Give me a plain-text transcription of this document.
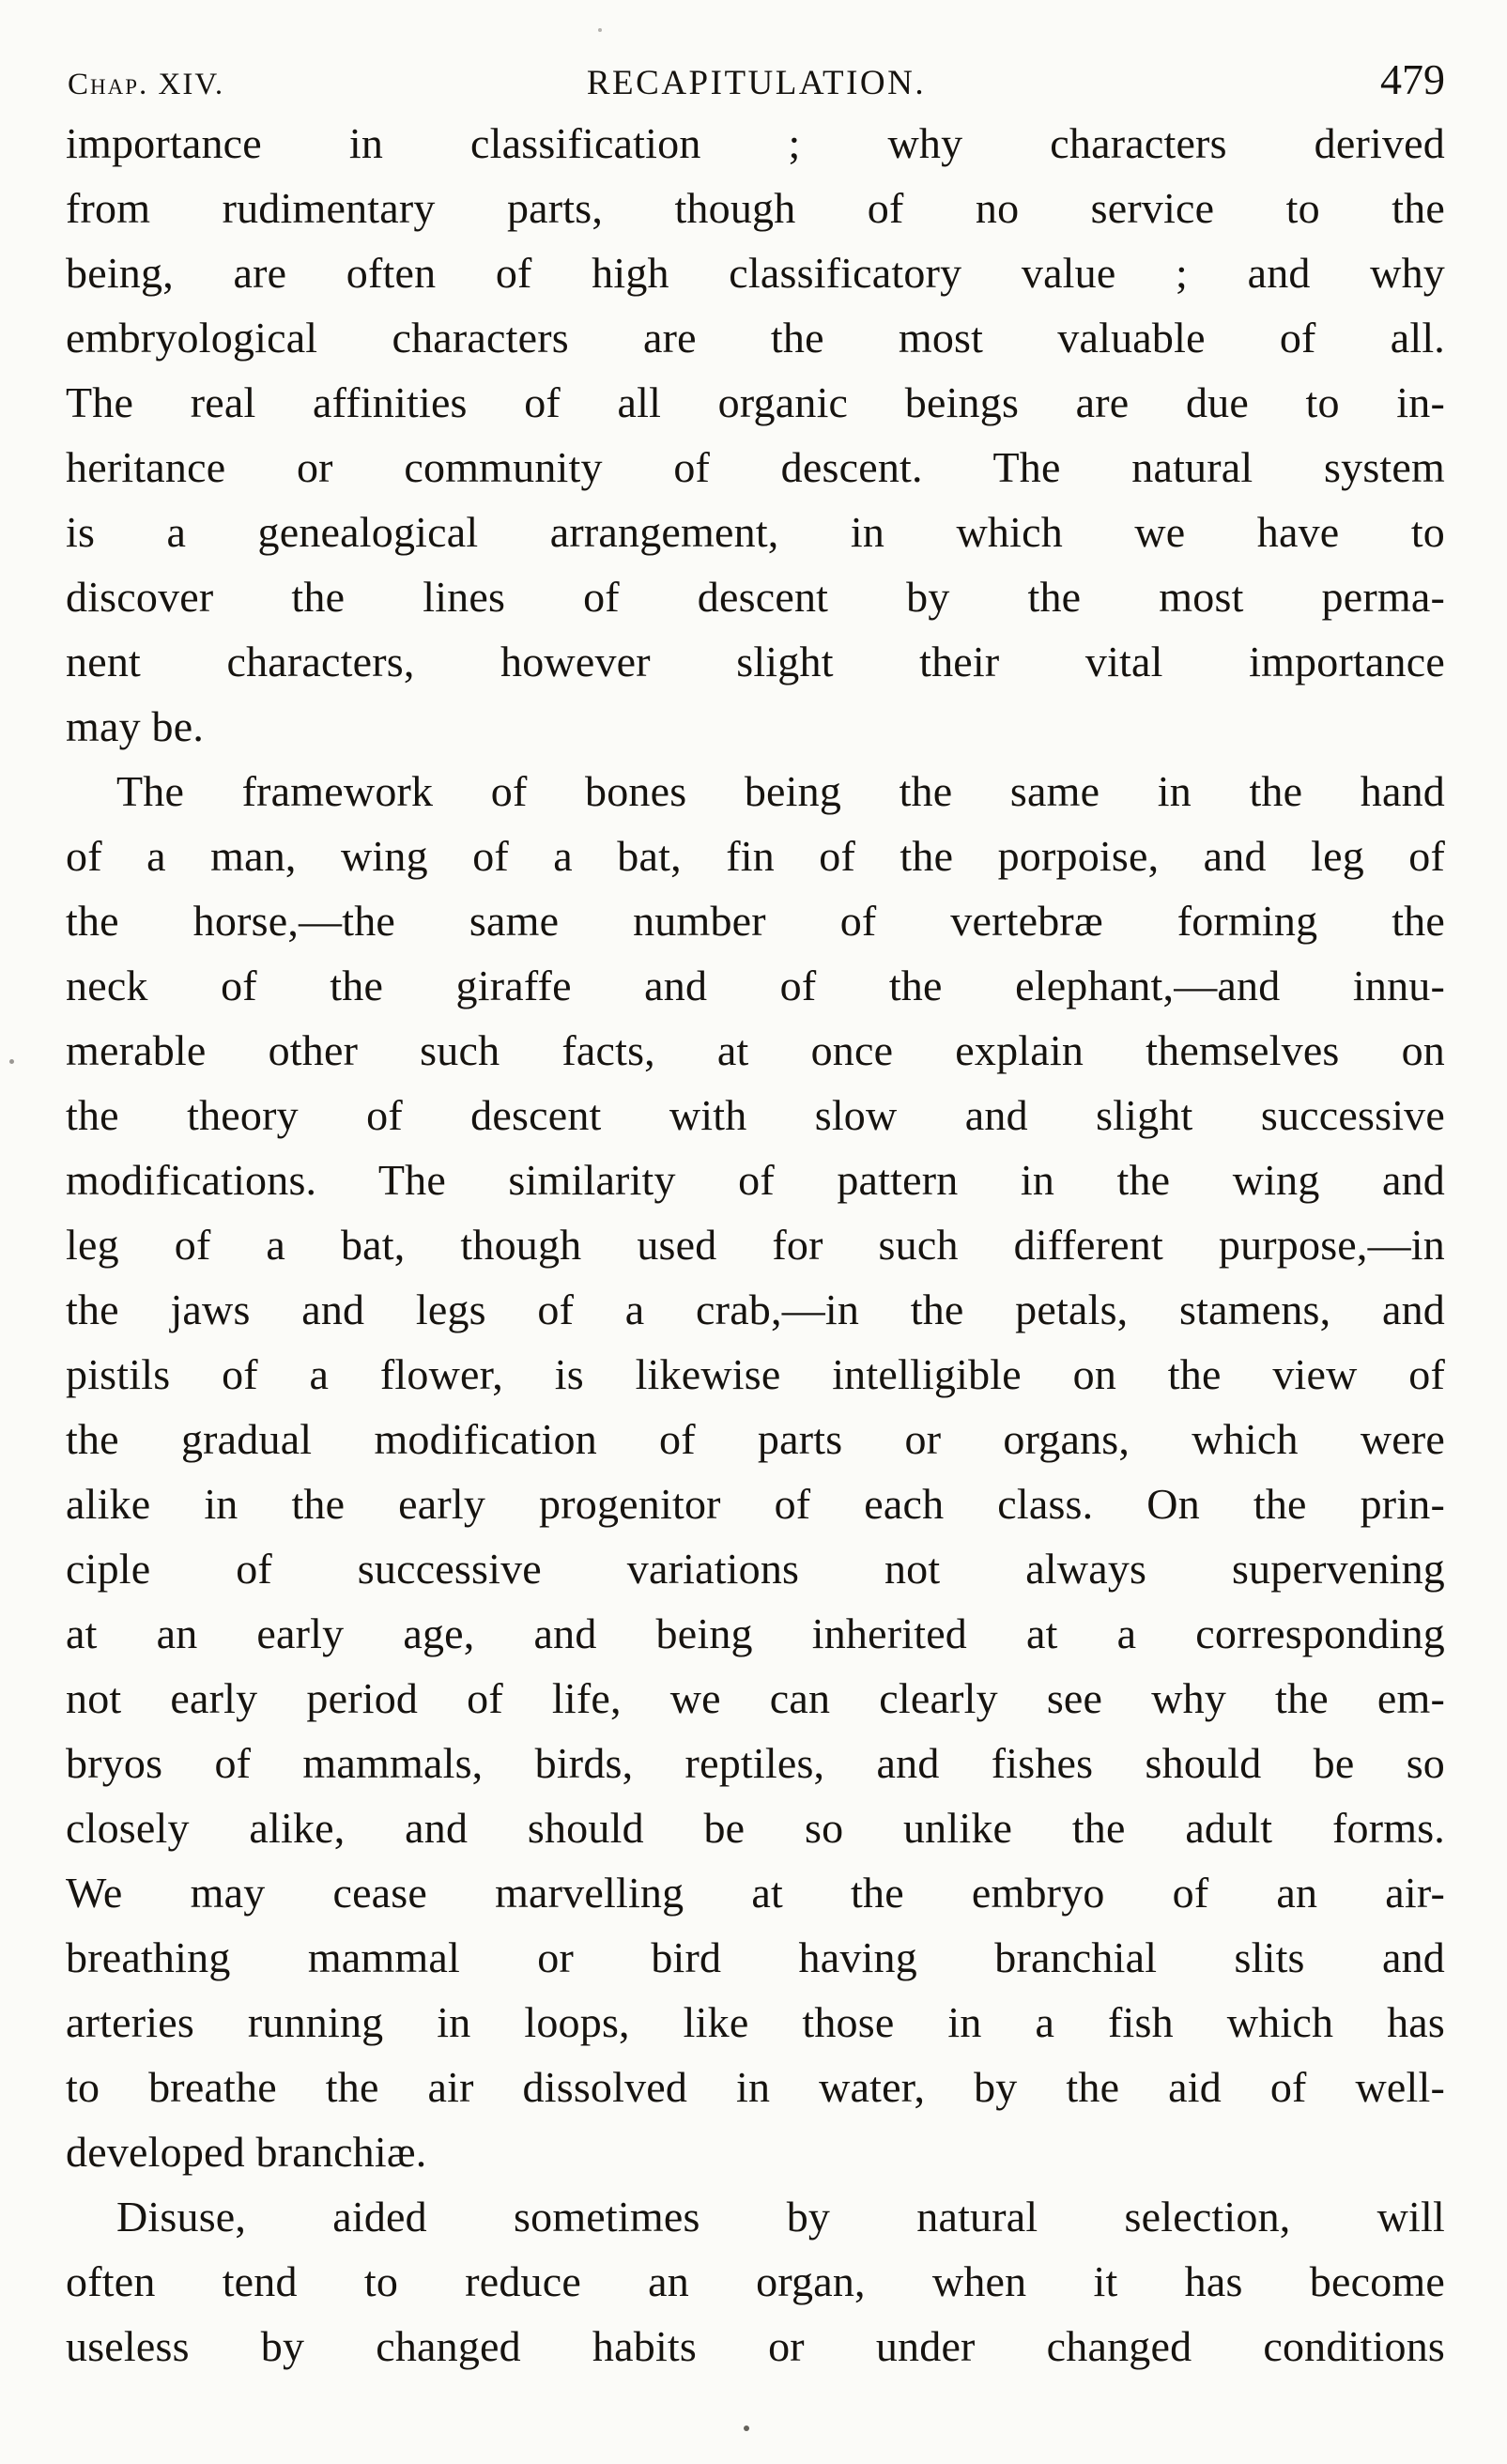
Chap. XIV.	RECAPITULATION.	479
importance in classification ; why characters derived
from rudimentary parts, though of no service to the
being, are often of high classificatory value ; and why
embryological characters are the most valuable of all.
The real affinities of all organic beings are due to in-
heritance or community of descent. The natural system
is a genealogical arrangement, in which we have to
discover the lines of descent by the most perma-
nent characters, however slight their vital importance
may be.
The framework of bones being the same in the hand
of a man, wing of a bat, fin of the porpoise, and leg of
the horse,—the same number of vertebræ forming the
neck of the giraffe and of the elephant,—and innu-
merable other such facts, at once explain themselves on
the theory of descent with slow and slight successive
modifications. The similarity of pattern in the wing and
leg of a bat, though used for such different purpose,—in
the jaws and legs of a crab,—in the petals, stamens, and
pistils of a flower, is likewise intelligible on the view of
the gradual modification of parts or organs, which were
alike in the early progenitor of each class. On the prin-
ciple of successive variations not always supervening
at an early age, and being inherited at a corresponding
not early period of life, we can clearly see why the em-
bryos of mammals, birds, reptiles, and fishes should be so
closely alike, and should be so unlike the adult forms.
We may cease marvelling at the embryo of an air-
breathing mammal or bird having branchial slits and
arteries running in loops, like those in a fish which has
to breathe the air dissolved in water, by the aid of well-
developed branchiæ.
Disuse, aided sometimes by natural selection, will
often tend to reduce an organ, when it has become
useless by changed habits or under changed conditions
